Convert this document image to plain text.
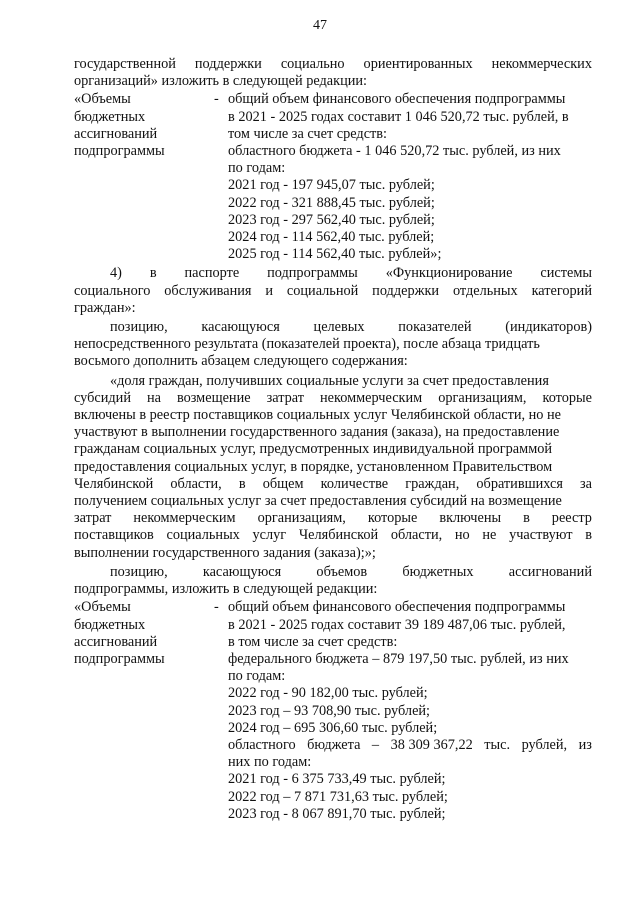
47
государственной поддержки социально ориентированных некоммерческих
организаций» изложить в следующей редакции:
«Объемы
бюджетных
ассигнований
подпрограммы
- общий объем финансового обеспечения подпрограммы
в 2021 - 2025 годах составит 1 046 520,72 тыс. рублей, в
том числе за счет средств:
областного бюджета - 1 046 520,72 тыс. рублей, из них
по годам:
2021 год - 197 945,07 тыс. рублей;
2022 год - 321 888,45 тыс. рублей;
2023 год - 297 562,40 тыс. рублей;
2024 год - 114 562,40 тыс. рублей;
2025 год - 114 562,40 тыс. рублей»;
4) в паспорте подпрограммы «Функционирование системы
социального обслуживания и социальной поддержки отдельных категорий
граждан»:
позицию, касающуюся целевых показателей (индикаторов)
непосредственного результата (показателей проекта), после абзаца тридцать
восьмого дополнить абзацем следующего содержания:
«доля граждан, получивших социальные услуги за счет предоставления
субсидий на возмещение затрат некоммерческим организациям, которые
включены в реестр поставщиков социальных услуг Челябинской области, но не
участвуют в выполнении государственного задания (заказа), на предоставление
гражданам социальных услуг, предусмотренных индивидуальной программой
предоставления социальных услуг, в порядке, установленном Правительством
Челябинской области, в общем количестве граждан, обратившихся за
получением социальных услуг за счет предоставления субсидий на возмещение
затрат некоммерческим организациям, которые включены в реестр
поставщиков социальных услуг Челябинской области, но не участвуют в
выполнении государственного задания (заказа);»;
позицию, касающуюся объемов бюджетных ассигнований
подпрограммы, изложить в следующей редакции:
«Объемы
бюджетных
ассигнований
подпрограммы
- общий объем финансового обеспечения подпрограммы
в 2021 - 2025 годах составит 39 189 487,06 тыс. рублей,
в том числе за счет средств:
федерального бюджета – 879 197,50 тыс. рублей, из них
по годам:
2022 год - 90 182,00 тыс. рублей;
2023 год – 93 708,90 тыс. рублей;
2024 год – 695 306,60 тыс. рублей;
областного бюджета – 38 309 367,22 тыс. рублей, из
них по годам:
2021 год - 6 375 733,49 тыс. рублей;
2022 год – 7 871 731,63 тыс. рублей;
2023 год - 8 067 891,70 тыс. рублей;
